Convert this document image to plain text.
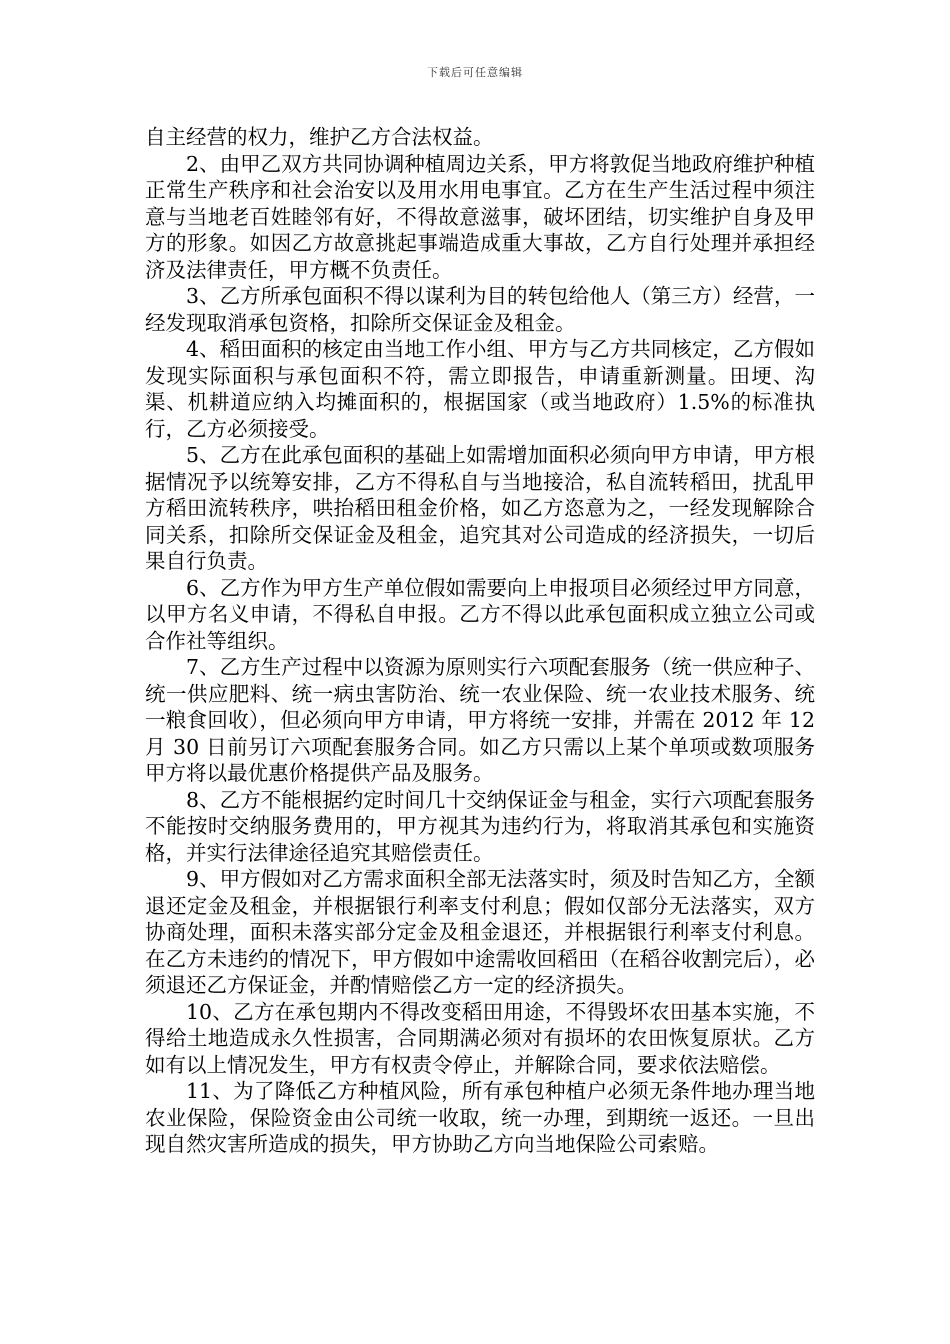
下载后可任意编辑

自主经营的权力，维护乙方合法权益。

2、由甲乙双方共同协调种植周边关系，甲方将敦促当地政府维护种植正常生产秩序和社会治安以及用水用电事宜。乙方在生产生活过程中须注意与当地老百姓睦邻有好，不得故意滋事，破坏团结，切实维护自身及甲方的形象。如因乙方故意挑起事端造成重大事故，乙方自行处理并承担经济及法律责任，甲方概不负责任。

3、乙方所承包面积不得以谋利为目的转包给他人（第三方）经营，一经发现取消承包资格，扣除所交保证金及租金。

4、稻田面积的核定由当地工作小组、甲方与乙方共同核定，乙方假如发现实际面积与承包面积不符，需立即报告，申请重新测量。田埂、沟渠、机耕道应纳入均摊面积的，根据国家（或当地政府）1.5%的标准执行，乙方必须接受。

5、乙方在此承包面积的基础上如需增加面积必须向甲方申请，甲方根据情况予以统筹安排，乙方不得私自与当地接洽，私自流转稻田，扰乱甲方稻田流转秩序，哄抬稻田租金价格，如乙方恣意为之，一经发现解除合同关系，扣除所交保证金及租金，追究其对公司造成的经济损失，一切后果自行负责。

6、乙方作为甲方生产单位假如需要向上申报项目必须经过甲方同意，以甲方名义申请，不得私自申报。乙方不得以此承包面积成立独立公司或合作社等组织。

7、乙方生产过程中以资源为原则实行六项配套服务（统一供应种子、统一供应肥料、统一病虫害防治、统一农业保险、统一农业技术服务、统一粮食回收），但必须向甲方申请，甲方将统一安排，并需在 2012 年 12 月 30 日前另订六项配套服务合同。如乙方只需以上某个单项或数项服务甲方将以最优惠价格提供产品及服务。

8、乙方不能根据约定时间几十交纳保证金与租金，实行六项配套服务不能按时交纳服务费用的，甲方视其为违约行为，将取消其承包和实施资格，并实行法律途径追究其赔偿责任。

9、甲方假如对乙方需求面积全部无法落实时，须及时告知乙方，全额退还定金及租金，并根据银行利率支付利息；假如仅部分无法落实，双方协商处理，面积未落实部分定金及租金退还，并根据银行利率支付利息。在乙方未违约的情况下，甲方假如中途需收回稻田（在稻谷收割完后），必须退还乙方保证金，并酌情赔偿乙方一定的经济损失。

10、乙方在承包期内不得改变稻田用途，不得毁坏农田基本实施，不得给土地造成永久性损害，合同期满必须对有损坏的农田恢复原状。乙方如有以上情况发生，甲方有权责令停止，并解除合同，要求依法赔偿。

11、为了降低乙方种植风险，所有承包种植户必须无条件地办理当地农业保险，保险资金由公司统一收取，统一办理，到期统一返还。一旦出现自然灾害所造成的损失，甲方协助乙方向当地保险公司索赔。
